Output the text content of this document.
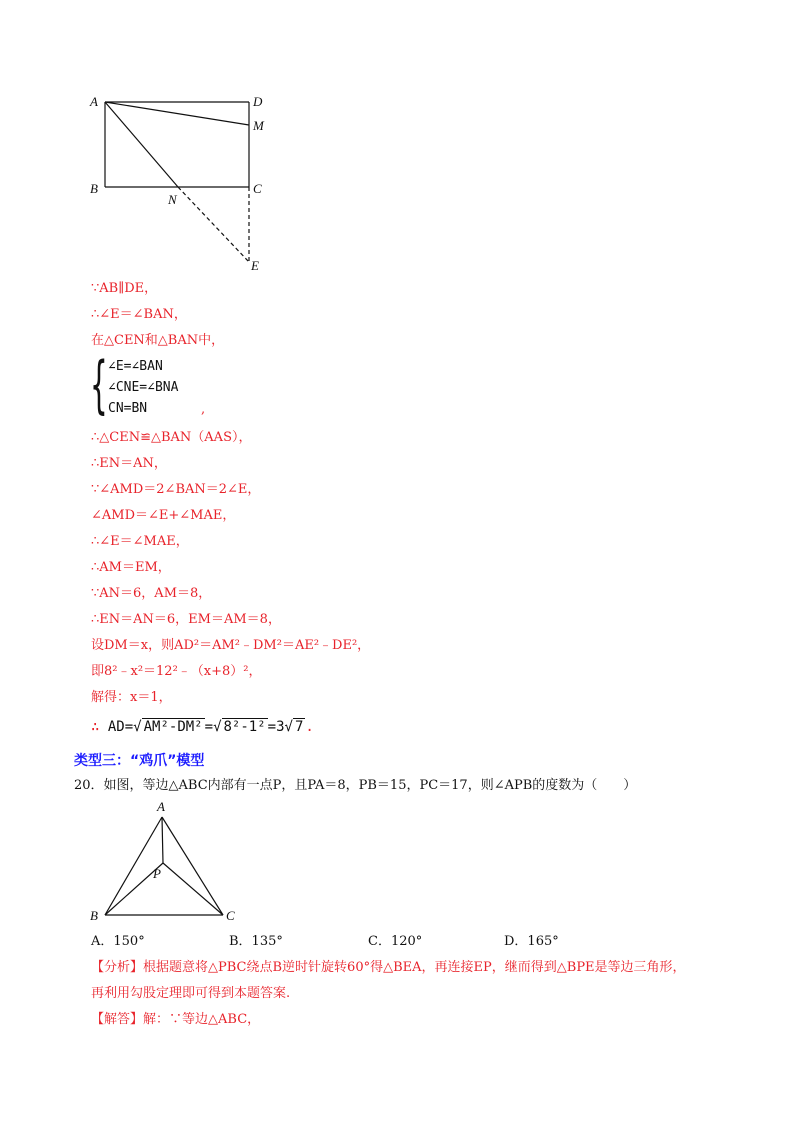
A	D
M
B
N
C
E
∵AB∥DE，
∴∠E＝∠BAN，
在△CEN和△BAN中，
{ ∠E=∠BAN
∠CNE=∠BNA
CN=BN	,
∴△CEN≌△BAN（AAS），
∴EN＝AN，
∵∠AMD＝2∠BAN＝2∠E，
∠AMD＝∠E+∠MAE，
∴∠E＝∠MAE，
∴AM＝EM，
∵AN＝6，AM＝8，
∴EN＝AN＝6，EM＝AM＝8，
设DM＝x，则AD²＝AM²﹣DM²＝AE²﹣DE²，
即8²﹣x²＝12²﹣（x+8）²，
解得：x＝1，
∴ AD=√ AM²-DM² =√ 8²-1² =3√ 7 .
类型三：“鸡爪”模型
20．如图，等边△ABC内部有一点P，且PA＝8，PB＝15，PC＝17，则∠APB的度数为（　　）
A
P
B	C
A．150°	B．135°	C．120°	D．165°
【分析】根据题意将△PBC绕点B逆时针旋转60°得△BEA，再连接EP，继而得到△BPE是等边三角形，
再利用勾股定理即可得到本题答案.
【解答】解：∵等边△ABC，
